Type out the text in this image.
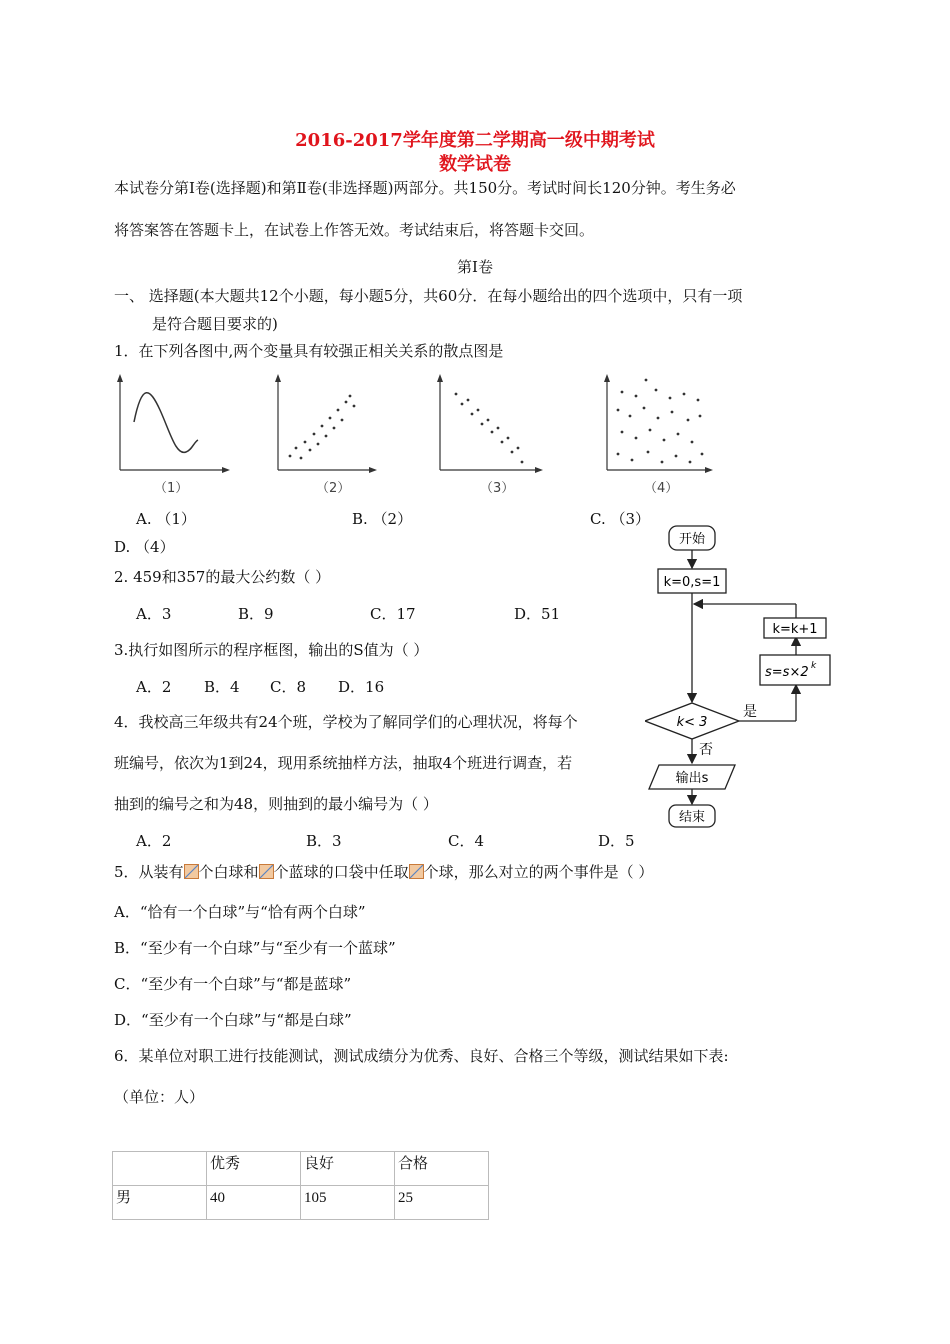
2016-2017学年度第二学期高一级中期考试
数学试卷
本试卷分第Ⅰ卷(选择题)和第Ⅱ卷(非选择题)两部分。共150分。考试时间长120分钟。考生务必
将答案答在答题卡上，在试卷上作答无效。考试结束后，将答题卡交回。
第Ⅰ卷
一、 选择题(本大题共12个小题，每小题5分，共60分．在每小题给出的四个选项中，只有一项
是符合题目要求的)
1．在下列各图中,两个变量具有较强正相关关系的散点图是
（1）	（2）	（3）	（4）
A. （1）	B. （2）	C. （3）
D. （4）
2. 459和357的最大公约数（ ）
A．3	B．9	C．17	D．51
3.执行如图所示的程序框图，输出的S值为（ ）
A．2 B．4 C．8 D．16
开始
k=0,s=1
k< 3
是
s=s×2 k
k=k+1
否
输出s
结束
4．我校高三年级共有24个班，学校为了解同学们的心理状况，将每个
班编号，依次为1到24，现用系统抽样方法，抽取4个班进行调查，若
抽到的编号之和为48，则抽到的最小编号为（ ）
A．2	B．3	C．4	D．5
5．从装有 个白球和 个蓝球的口袋中任取 个球，那么对立的两个事件是（ ）
A．“恰有一个白球”与“恰有两个白球”
B．“至少有一个白球”与“至少有一个蓝球”
C．“至少有一个白球”与“都是蓝球”
D．“至少有一个白球”与“都是白球”
6．某单位对职工进行技能测试，测试成绩分为优秀、良好、合格三个等级，测试结果如下表:
（单位：人）
	优秀	良好	合格
男	40	105	25
